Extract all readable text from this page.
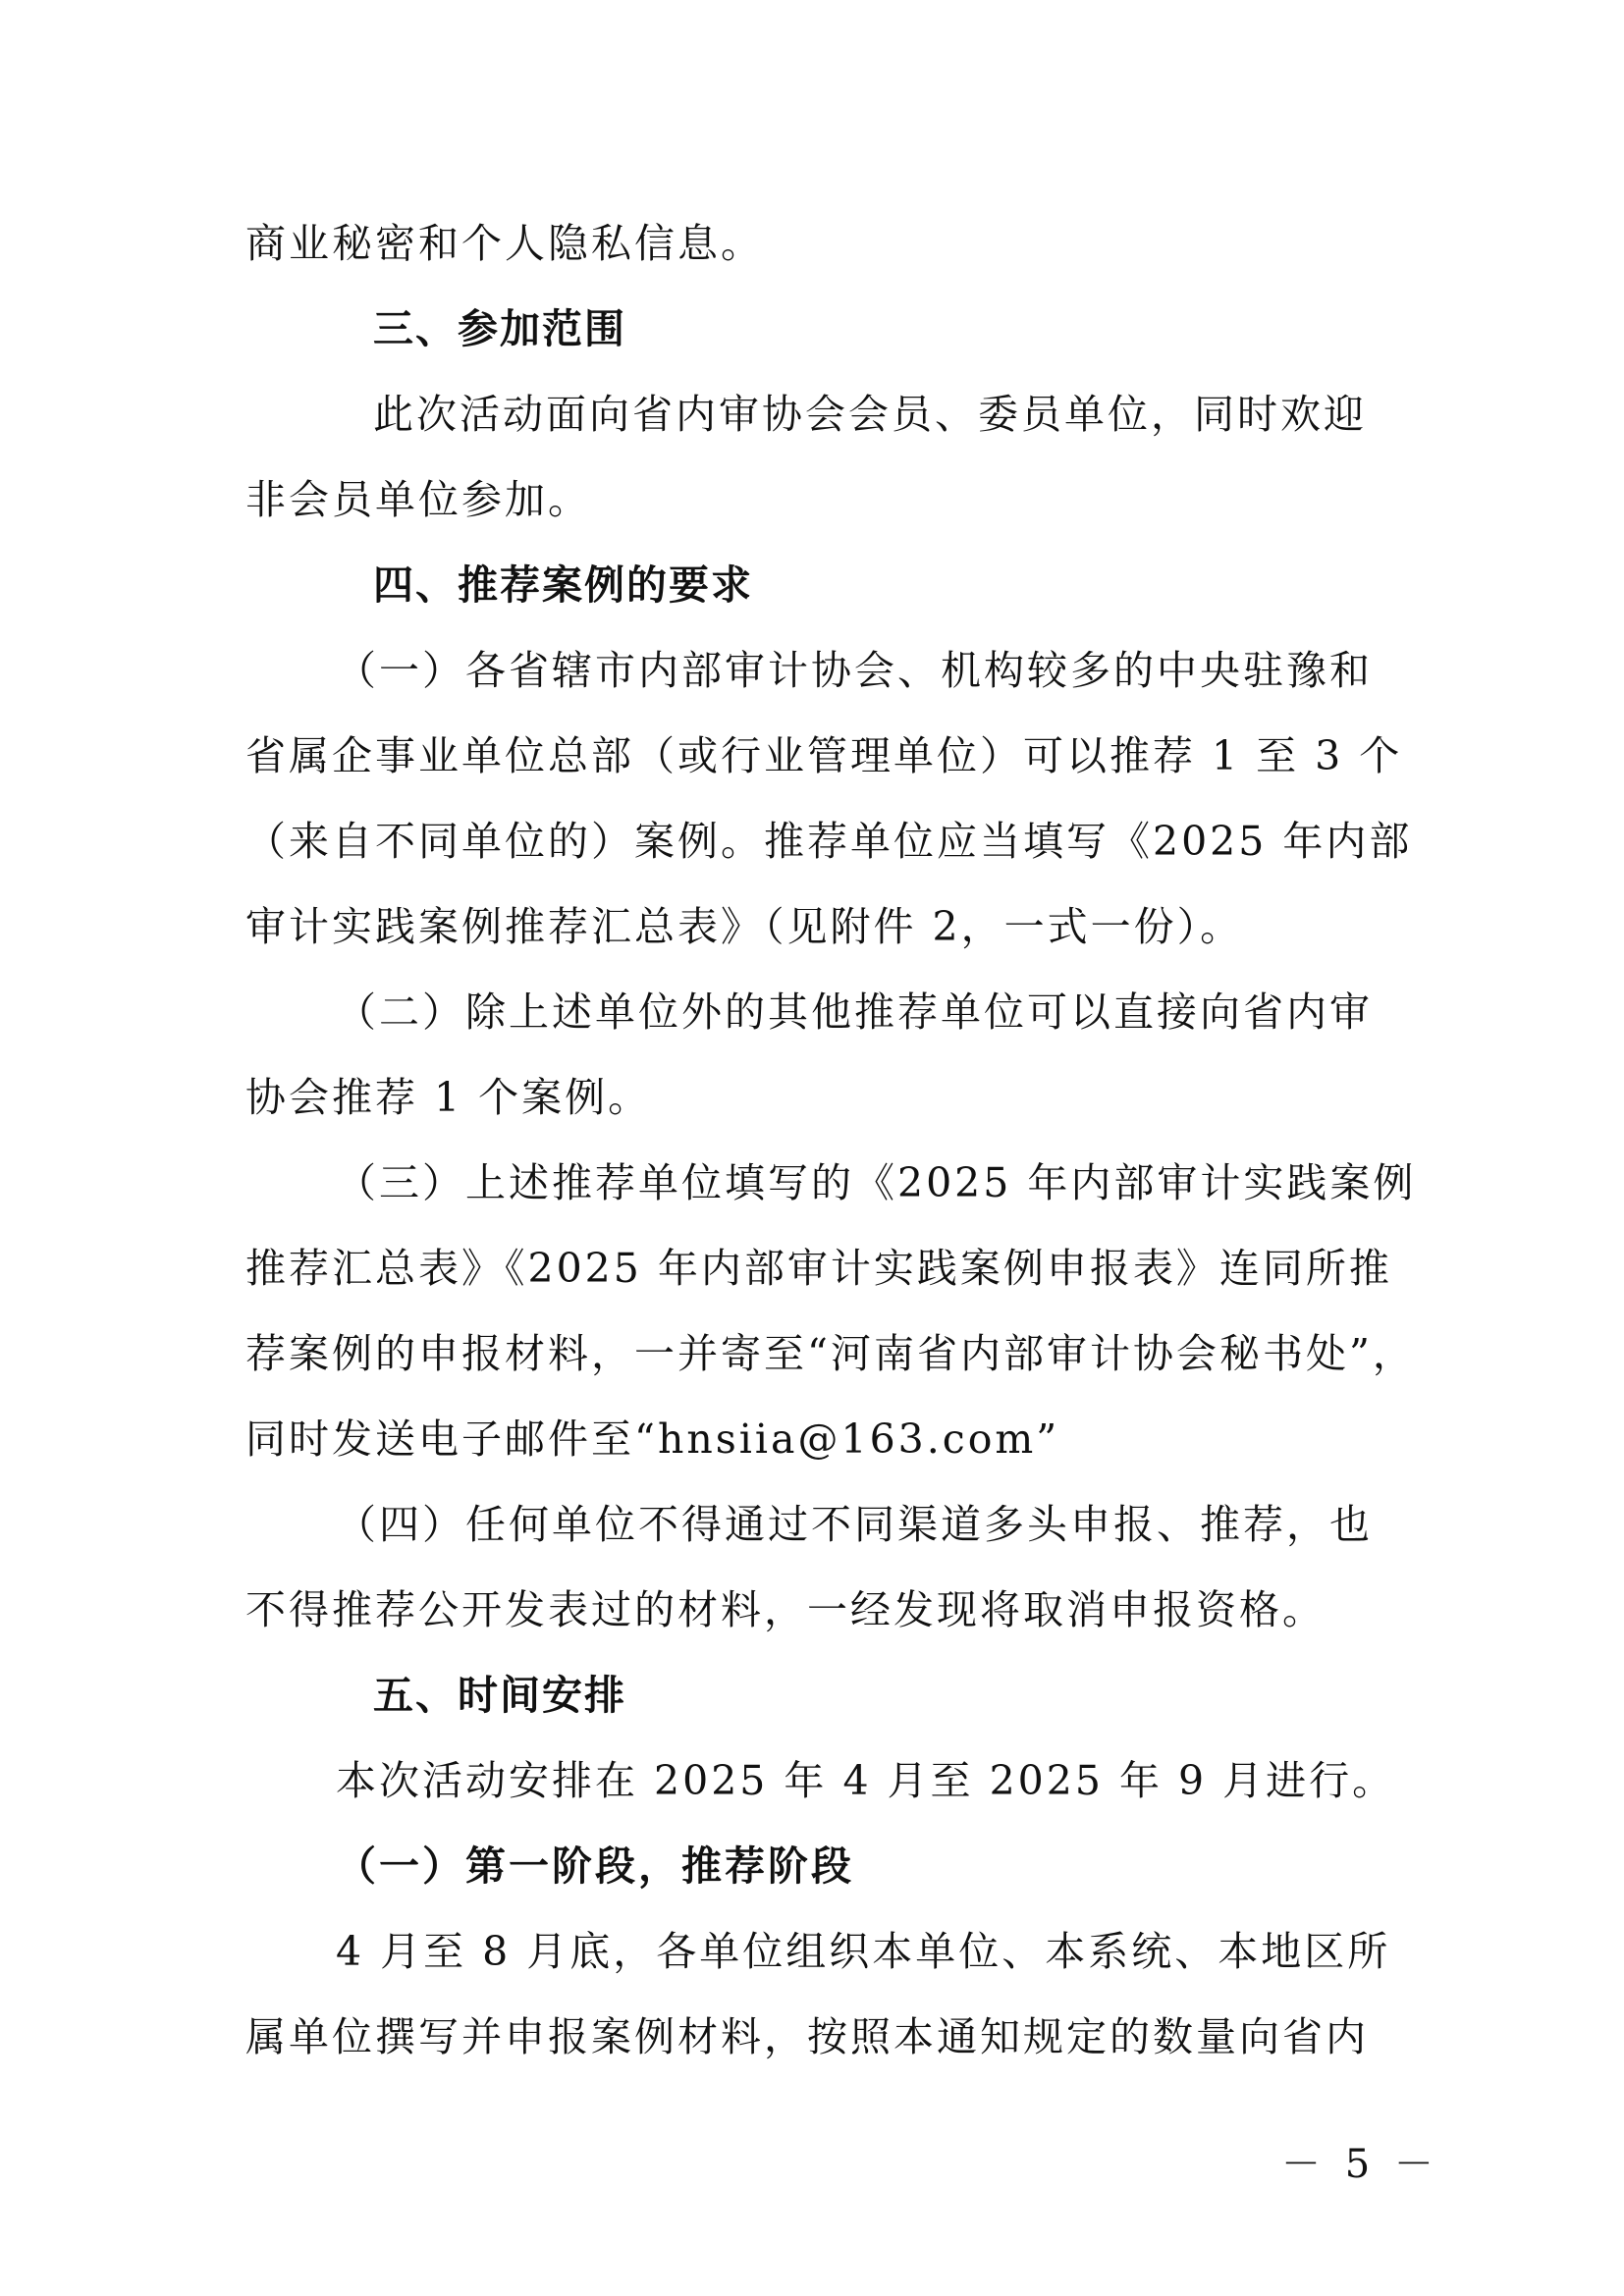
商业秘密和个人隐私信息。
三、参加范围
此次活动面向省内审协会会员、委员单位，同时欢迎
非会员单位参加。
四、推荐案例的要求
（一）各省辖市内部审计协会、机构较多的中央驻豫和
省属企事业单位总部（或行业管理单位）可以推荐 1 至 3 个
（来自不同单位的）案例。推荐单位应当填写《2025 年内部
审计实践案例推荐汇总表》（见附件 2，一式一份）。
（二）除上述单位外的其他推荐单位可以直接向省内审
协会推荐 1 个案例。
（三）上述推荐单位填写的《2025 年内部审计实践案例
推荐汇总表》《2025 年内部审计实践案例申报表》连同所推
荐案例的申报材料，一并寄至“河南省内部审计协会秘书处”，
同时发送电子邮件至“hnsiia@163.com”
（四）任何单位不得通过不同渠道多头申报、推荐，也
不得推荐公开发表过的材料，一经发现将取消申报资格。
五、时间安排
本次活动安排在 2025 年 4 月至 2025 年 9 月进行。
（一）第一阶段，推荐阶段
4 月至 8 月底，各单位组织本单位、本系统、本地区所
属单位撰写并申报案例材料，按照本通知规定的数量向省内
－ 5 －
